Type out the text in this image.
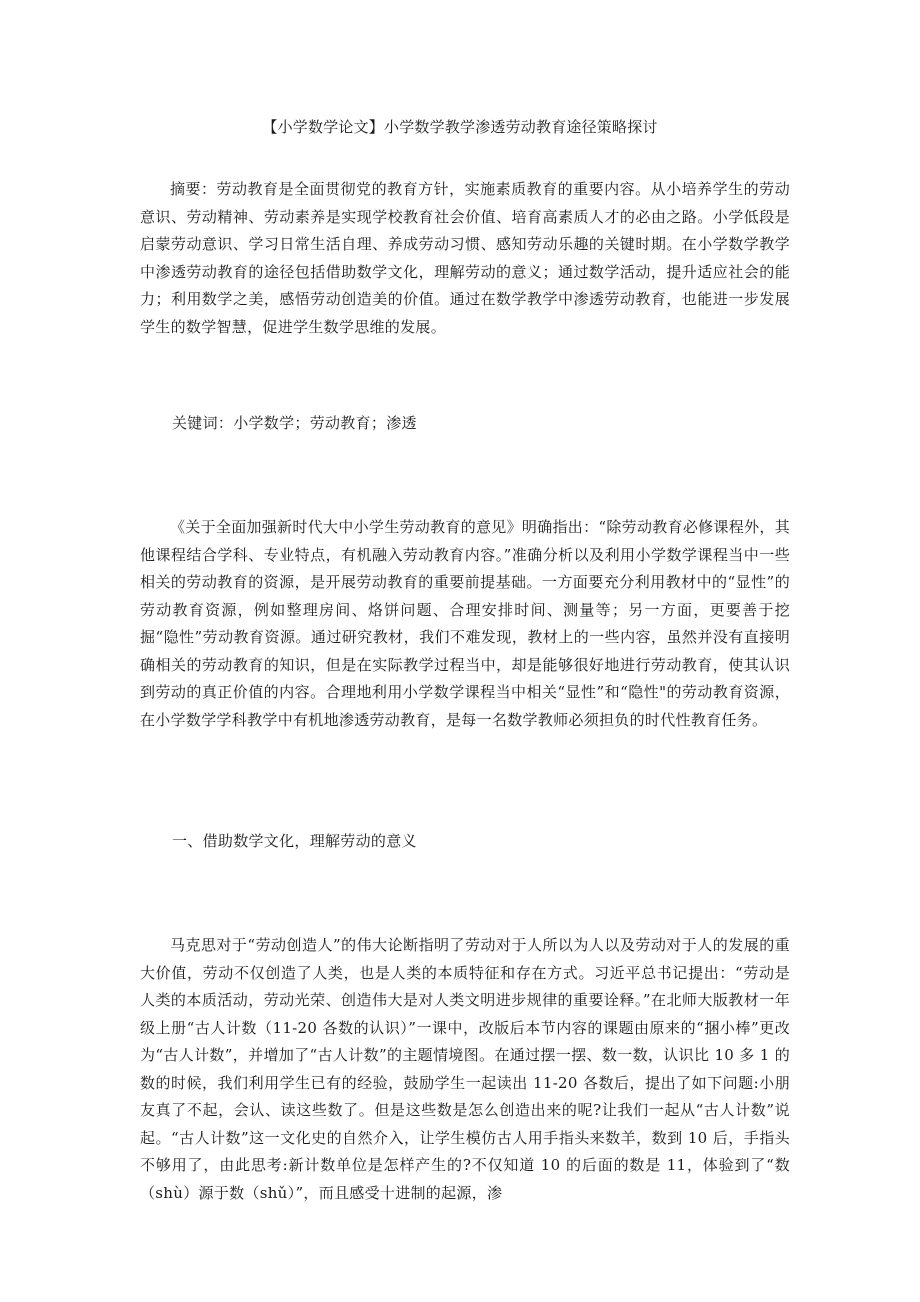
【小学数学论文】小学数学教学渗透劳动教育途径策略探讨

摘要：劳动教育是全面贯彻党的教育方针，实施素质教育的重要内容。从小培养学生的劳动意识、劳动精神、劳动素养是实现学校教育社会价值、培育高素质人才的必由之路。小学低段是启蒙劳动意识、学习日常生活自理、养成劳动习惯、感知劳动乐趣的关键时期。在小学数学教学中渗透劳动教育的途径包括借助数学文化，理解劳动的意义；通过数学活动，提升适应社会的能力；利用数学之美，感悟劳动创造美的价值。通过在数学教学中渗透劳动教育，也能进一步发展学生的数学智慧，促进学生数学思维的发展。

关键词：小学数学；劳动教育；渗透

《关于全面加强新时代大中小学生劳动教育的意见》明确指出：“除劳动教育必修课程外，其他课程结合学科、专业特点，有机融入劳动教育内容。”准确分析以及利用小学数学课程当中一些相关的劳动教育的资源，是开展劳动教育的重要前提基础。一方面要充分利用教材中的“显性”的劳动教育资源，例如整理房间、烙饼问题、合理安排时间、测量等；另一方面，更要善于挖掘“隐性”劳动教育资源。通过研究教材，我们不难发现，教材上的一些内容，虽然并没有直接明确相关的劳动教育的知识，但是在实际教学过程当中，却是能够很好地进行劳动教育，使其认识到劳动的真正价值的内容。合理地利用小学数学课程当中相关“显性”和“隐性"的劳动教育资源，在小学数学学科教学中有机地渗透劳动教育，是每一名数学教师必须担负的时代性教育任务。

一、借助数学文化，理解劳动的意义

马克思对于“劳动创造人”的伟大论断指明了劳动对于人所以为人以及劳动对于人的发展的重大价值，劳动不仅创造了人类，也是人类的本质特征和存在方式。习近平总书记提出：“劳动是人类的本质活动，劳动光荣、创造伟大是对人类文明进步规律的重要诠释。”在北师大版教材一年级上册“古人计数（11-20 各数的认识）”一课中，改版后本节内容的课题由原来的“捆小棒”更改为“古人计数”，并增加了“古人计数”的主题情境图。在通过摆一摆、数一数，认识比 10 多 1 的数的时候，我们利用学生已有的经验，鼓励学生一起读出 11-20 各数后，提出了如下问题:小朋友真了不起，会认、读这些数了。但是这些数是怎么创造出来的呢?让我们一起从“古人计数”说起。“古人计数”这一文化史的自然介入，让学生模仿古人用手指头来数羊，数到 10 后，手指头不够用了，由此思考:新计数单位是怎样产生的?不仅知道 10 的后面的数是 11，体验到了“数（shù）源于数（shǔ）”，而且感受十进制的起源，渗
